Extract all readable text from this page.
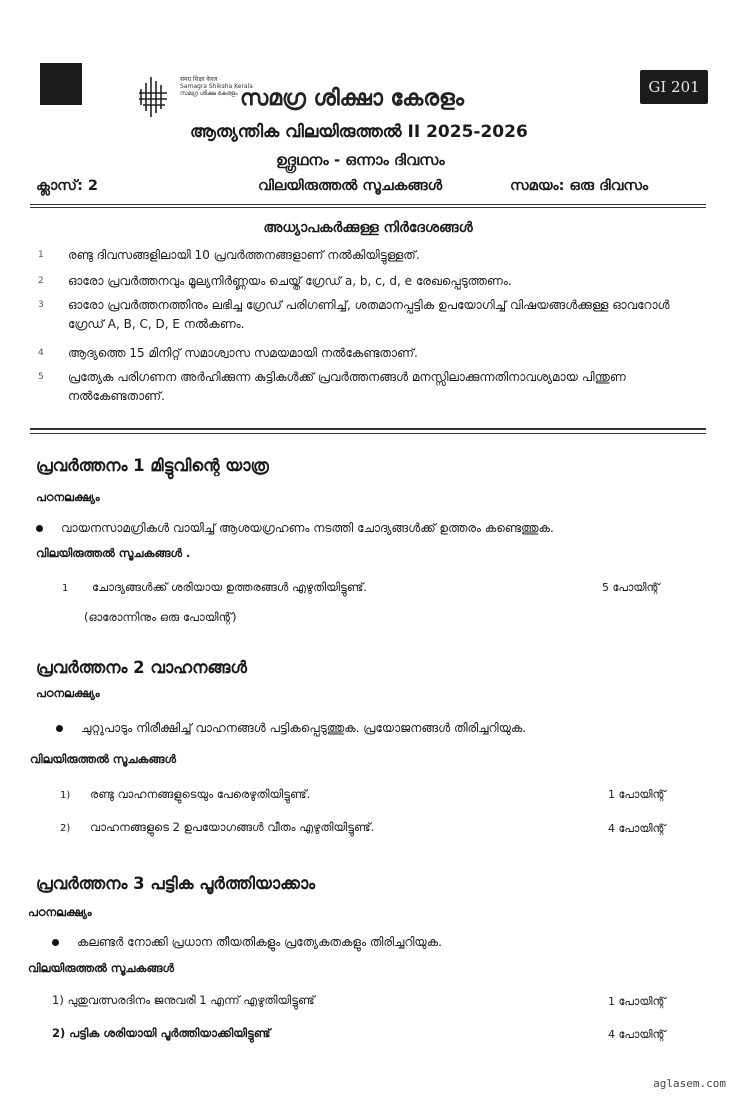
समग्र शिक्षा केरल
Samagra Shiksha Kerala
സമഗ്ര ശിക്ഷ കേരളം സമഗ്ര ശിക്ഷാ കേരളം	GI 201
ആത്യന്തിക വിലയിരുത്തൽ II 2025-2026
ഉദ്ഗ്രഥനം - ഒന്നാം ദിവസം
ക്ലാസ്: 2	വിലയിരുത്തൽ സൂചകങ്ങൾ	സമയം: ഒരു ദിവസം
അധ്യാപകർക്കുള്ള നിർദേശങ്ങൾ
1 രണ്ടു ദിവസങ്ങളിലായി 10 പ്രവർത്തനങ്ങളാണ് നൽകിയിട്ടുള്ളത്.
2 ഓരോ പ്രവർത്തനവും മൂല്യനിർണ്ണയം ചെയ്ത് ഗ്രേഡ് a, b, c, d, e രേഖപ്പെടുത്തണം.
3 ഓരോ പ്രവർത്തനത്തിനും ലഭിച്ച ഗ്രേഡ് പരിഗണിച്ച്, ശതമാനപ്പട്ടിക ഉപയോഗിച്ച് വിഷയങ്ങൾക്കുള്ള ഓവറോൾ ഗ്രേഡ് A, B, C, D, E നൽകണം.
4 ആദ്യത്തെ 15 മിനിറ്റ് സമാശ്വാസ സമയമായി നൽകേണ്ടതാണ്.
5 പ്രത്യേക പരിഗണന അർഹിക്കുന്ന കുട്ടികൾക്ക് പ്രവർത്തനങ്ങൾ മനസ്സിലാക്കുന്നതിനാവശ്യമായ പിന്തുണ നൽകേണ്ടതാണ്.
പ്രവർത്തനം 1 മിട്ടുവിന്റെ യാത്ര
പഠനലക്ഷ്യം
വായനസാമഗ്രികൾ വായിച്ച് ആശയഗ്രഹണം നടത്തി ചോദ്യങ്ങൾക്ക് ഉത്തരം കണ്ടെത്തുക.
വിലയിരുത്തൽ സൂചകങ്ങൾ .
1 ചോദ്യങ്ങൾക്ക് ശരിയായ ഉത്തരങ്ങൾ എഴുതിയിട്ടുണ്ട്.	5 പോയിന്റ്
(ഓരോന്നിനും ഒരു പോയിന്റ്)
പ്രവർത്തനം 2 വാഹനങ്ങൾ
പഠനലക്ഷ്യം
ചുറ്റുപാടും നിരീക്ഷിച്ച് വാഹനങ്ങൾ പട്ടികപ്പെടുത്തുക. പ്രയോജനങ്ങൾ തിരിച്ചറിയുക.
വിലയിരുത്തൽ സൂചകങ്ങൾ
1) രണ്ടു വാഹനങ്ങളുടെയും പേരെഴുതിയിട്ടുണ്ട്.	1 പോയിന്റ്
2) വാഹനങ്ങളുടെ 2 ഉപയോഗങ്ങൾ വീതം എഴുതിയിട്ടുണ്ട്.	4 പോയിന്റ്
പ്രവർത്തനം 3 പട്ടിക പൂർത്തിയാക്കാം
പഠനലക്ഷ്യം
കലണ്ടർ നോക്കി പ്രധാന തീയതികളും പ്രത്യേകതകളും തിരിച്ചറിയുക.
വിലയിരുത്തൽ സൂചകങ്ങൾ
1) പുതുവത്സരദിനം ജനുവരി 1 എന്ന് എഴുതിയിട്ടുണ്ട്	1 പോയിന്റ്
2) പട്ടിക ശരിയായി പൂർത്തിയാക്കിയിട്ടുണ്ട്	4 പോയിന്റ്
aglasem.com
